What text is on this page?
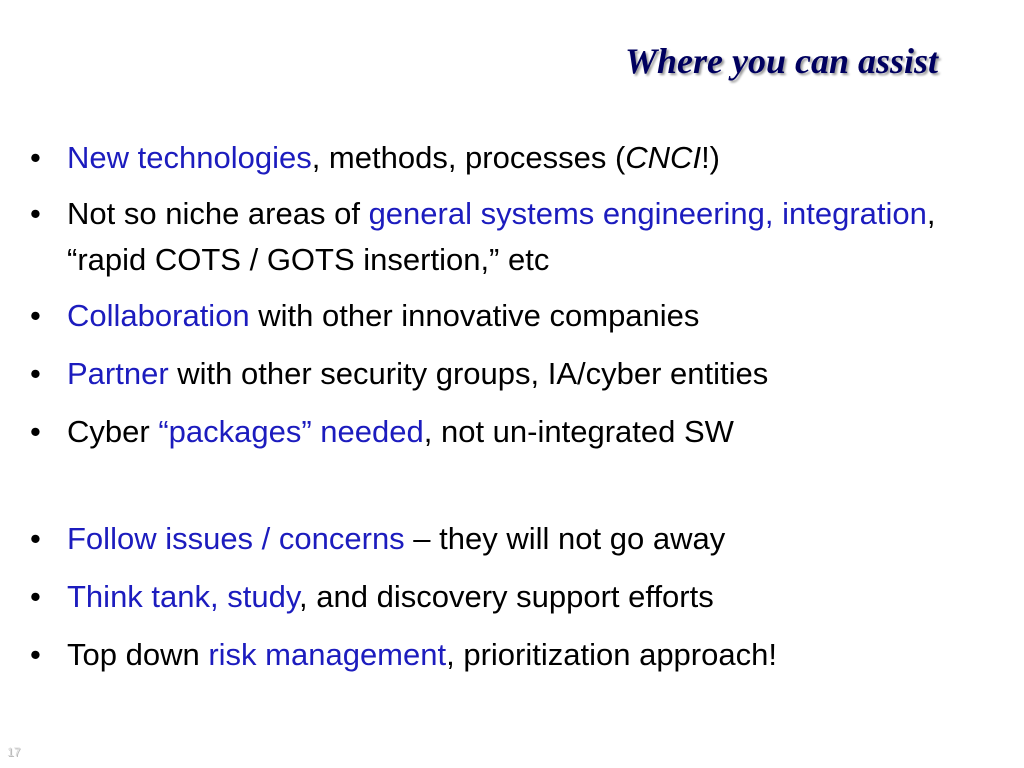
Where you can assist
• New technologies, methods, processes (CNCI!)
• Not so niche areas of general systems engineering, integration, “rapid COTS / GOTS insertion,” etc
• Collaboration with other innovative companies
• Partner with other security groups, IA/cyber entities
• Cyber “packages” needed, not un-integrated SW
• Follow issues / concerns – they will not go away
• Think tank, study, and discovery support efforts
• Top down risk management, prioritization approach!
17
